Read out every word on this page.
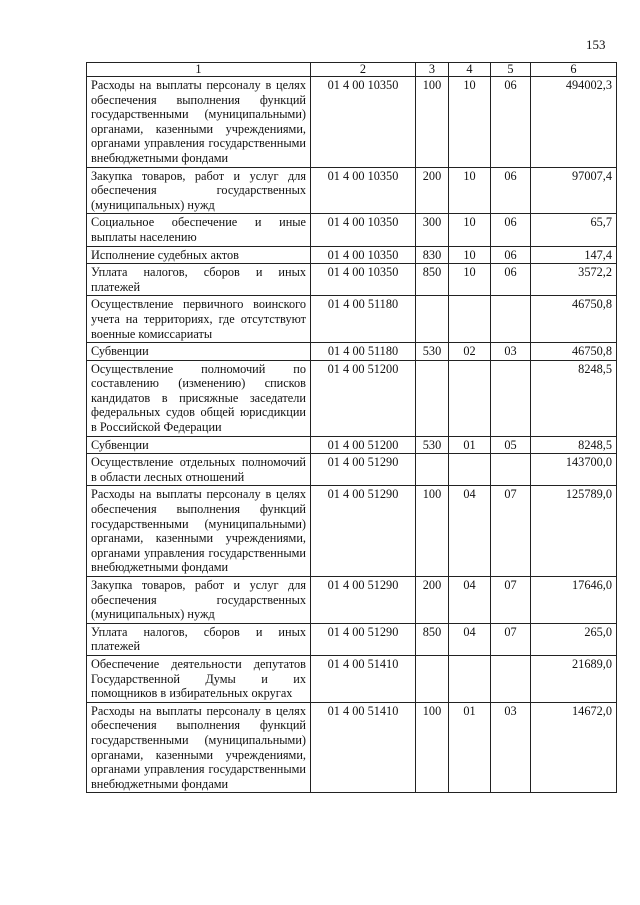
153
1	2	3	4	5	6
Расходы на выплаты персоналу в целях обеспечения выполнения функций государственными (муниципальными) органами, казенными учреждениями, органами управления государственными внебюджетными фондами	01 4 00 10350	100	10	06	494002,3
Закупка товаров, работ и услуг для обеспечения государственных (муниципальных) нужд	01 4 00 10350	200	10	06	97007,4
Социальное обеспечение и иные выплаты населению	01 4 00 10350	300	10	06	65,7
Исполнение судебных актов	01 4 00 10350	830	10	06	147,4
Уплата налогов, сборов и иных платежей	01 4 00 10350	850	10	06	3572,2
Осуществление первичного воинского учета на территориях, где отсутствуют военные комиссариаты	01 4 00 51180				46750,8
Субвенции	01 4 00 51180	530	02	03	46750,8
Осуществление полномочий по составлению (изменению) списков кандидатов в присяжные заседатели федеральных судов общей юрисдикции в Российской Федерации	01 4 00 51200				8248,5
Субвенции	01 4 00 51200	530	01	05	8248,5
Осуществление отдельных полномочий в области лесных отношений	01 4 00 51290				143700,0
Расходы на выплаты персоналу в целях обеспечения выполнения функций государственными (муниципальными) органами, казенными учреждениями, органами управления государственными внебюджетными фондами	01 4 00 51290	100	04	07	125789,0
Закупка товаров, работ и услуг для обеспечения государственных (муниципальных) нужд	01 4 00 51290	200	04	07	17646,0
Уплата налогов, сборов и иных платежей	01 4 00 51290	850	04	07	265,0
Обеспечение деятельности депутатов Государственной Думы и их помощников в избирательных округах	01 4 00 51410				21689,0
Расходы на выплаты персоналу в целях обеспечения выполнения функций государственными (муниципальными) органами, казенными учреждениями, органами управления государственными внебюджетными фондами	01 4 00 51410	100	01	03	14672,0
